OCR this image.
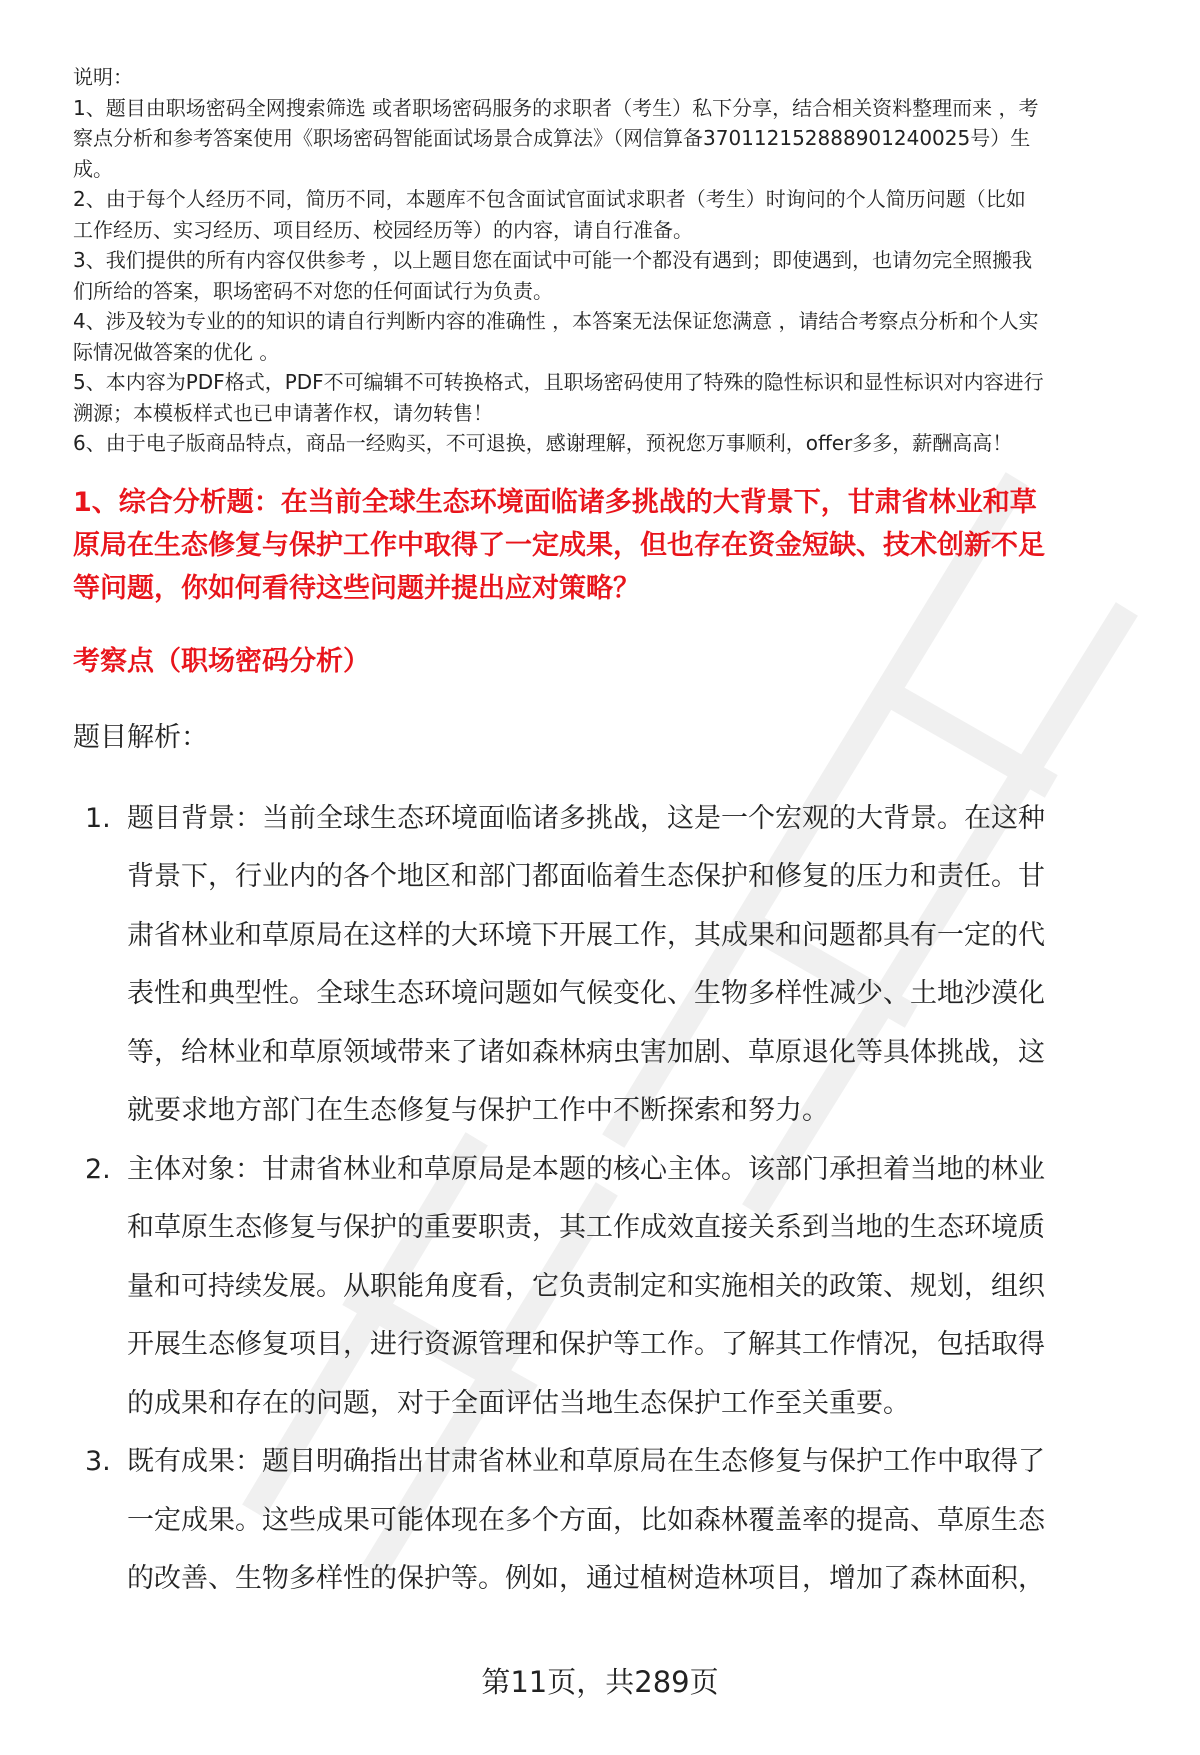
说明：
1、题目由职场密码全网搜索筛选 或者职场密码服务的求职者（考生）私下分享，结合相关资料整理而来 ，考
察点分析和参考答案使用《职场密码智能面试场景合成算法》（网信算备370112152888901240025号）生
成。
2、由于每个人经历不同，简历不同，本题库不包含面试官面试求职者（考生）时询问的个人简历问题（比如
工作经历、实习经历、项目经历、校园经历等）的内容，请自行准备。
3、我们提供的所有内容仅供参考 ，以上题目您在面试中可能一个都没有遇到；即使遇到，也请勿完全照搬我
们所给的答案，职场密码不对您的任何面试行为负责。
4、涉及较为专业的的知识的请自行判断内容的准确性 ，本答案无法保证您满意 ，请结合考察点分析和个人实
际情况做答案的优化 。
5、本内容为PDF格式，PDF不可编辑不可转换格式，且职场密码使用了特殊的隐性标识和显性标识对内容进行
溯源；本模板样式也已申请著作权，请勿转售！
6、由于电子版商品特点，商品一经购买，不可退换，感谢理解，预祝您万事顺利，offer多多，薪酬高高！
1、综合分析题：在当前全球生态环境面临诸多挑战的大背景下，甘肃省林业和草
原局在生态修复与保护工作中取得了一定成果，但也存在资金短缺、技术创新不足
等问题，你如何看待这些问题并提出应对策略？
考察点（职场密码分析）
题目解析：
1. 题目背景：当前全球生态环境面临诸多挑战，这是一个宏观的大背景。在这种
背景下，行业内的各个地区和部门都面临着生态保护和修复的压力和责任。甘
肃省林业和草原局在这样的大环境下开展工作，其成果和问题都具有一定的代
表性和典型性。全球生态环境问题如气候变化、生物多样性减少、土地沙漠化
等，给林业和草原领域带来了诸如森林病虫害加剧、草原退化等具体挑战，这
就要求地方部门在生态修复与保护工作中不断探索和努力。
2. 主体对象：甘肃省林业和草原局是本题的核心主体。该部门承担着当地的林业
和草原生态修复与保护的重要职责，其工作成效直接关系到当地的生态环境质
量和可持续发展。从职能角度看，它负责制定和实施相关的政策、规划，组织
开展生态修复项目，进行资源管理和保护等工作。了解其工作情况，包括取得
的成果和存在的问题，对于全面评估当地生态保护工作至关重要。
3. 既有成果：题目明确指出甘肃省林业和草原局在生态修复与保护工作中取得了
一定成果。这些成果可能体现在多个方面，比如森林覆盖率的提高、草原生态
的改善、生物多样性的保护等。例如，通过植树造林项目，增加了森林面积，
第11页，共289页
